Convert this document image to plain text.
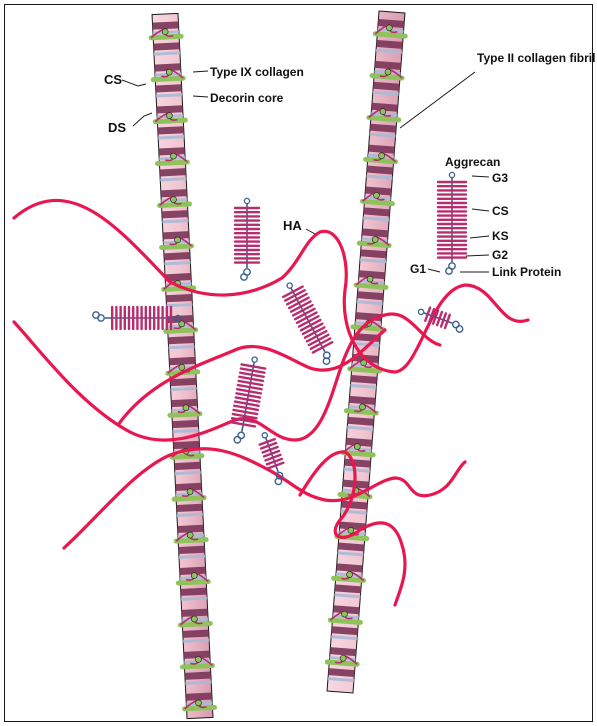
CS	Type IX collagen
Decorin core
DS
Type II collagen fibril
HA
Aggrecan
G3
CS
KS
G2
G1	Link Protein
